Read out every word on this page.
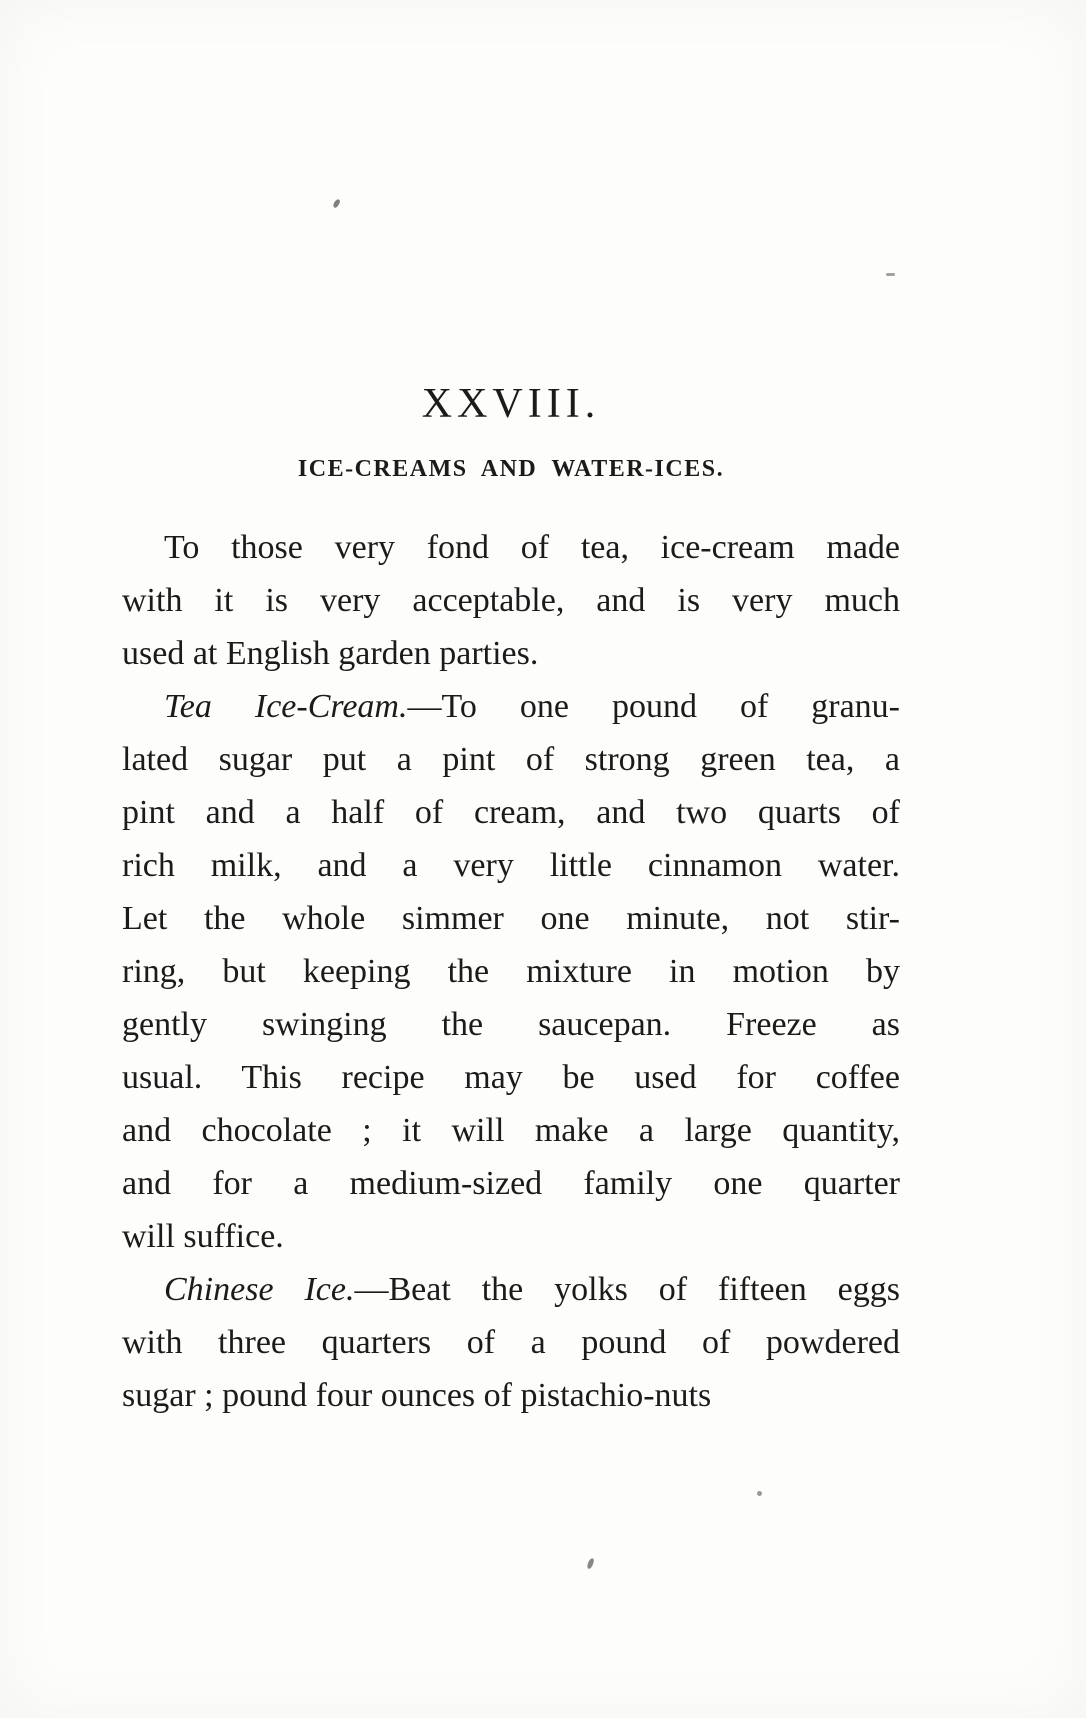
XXVIII.
ICE-CREAMS AND WATER-ICES.

To those very fond of tea, ice-cream made
with it is very acceptable, and is very much
used at English garden parties.

Tea Ice-Cream.—To one pound of granu-
lated sugar put a pint of strong green tea, a
pint and a half of cream, and two quarts of
rich milk, and a very little cinnamon water.
Let the whole simmer one minute, not stir-
ring, but keeping the mixture in motion by
gently swinging the saucepan. Freeze as
usual. This recipe may be used for coffee
and chocolate ; it will make a large quantity,
and for a medium-sized family one quarter
will suffice.

Chinese Ice.—Beat the yolks of fifteen eggs
with three quarters of a pound of powdered
sugar ; pound four ounces of pistachio-nuts
